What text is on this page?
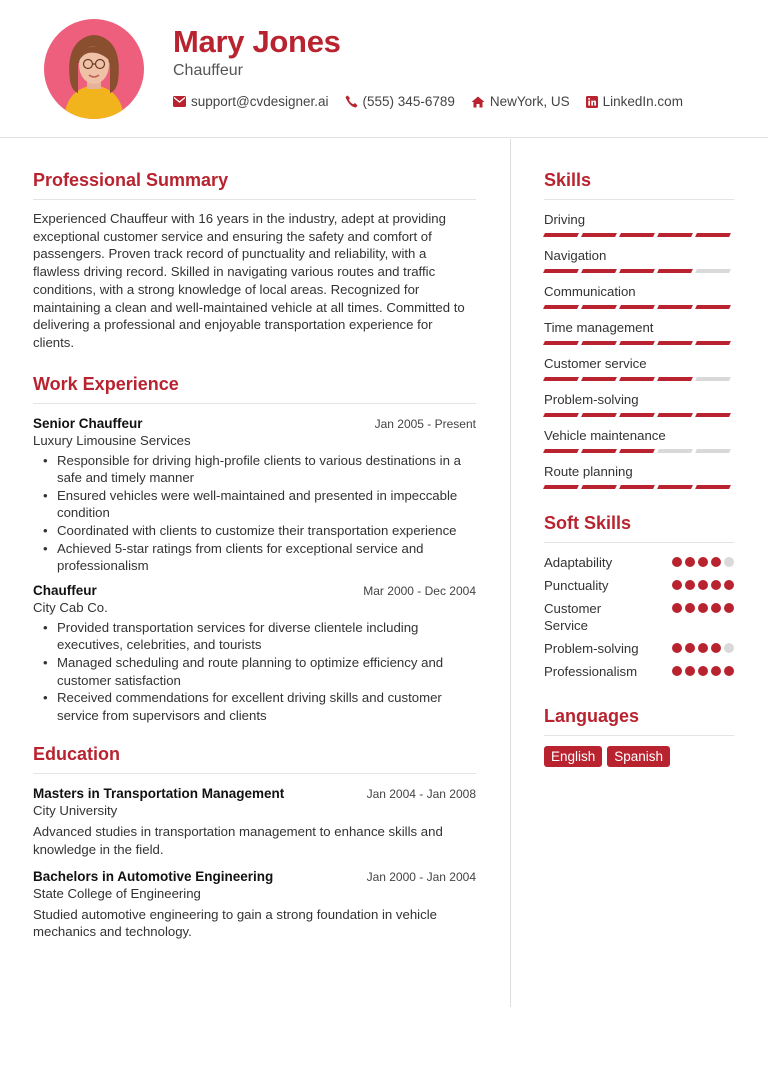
Mary Jones
Chauffeur
support@cvdesigner.ai	(555) 345-6789	NewYork, US LinkedIn.com
Professional Summary

Experienced Chauffeur with 16 years in the industry, adept at providing exceptional customer service and ensuring the safety and comfort of passengers. Proven track record of punctuality and reliability, with a flawless driving record. Skilled in navigating various routes and traffic conditions, with a strong knowledge of local areas. Recognized for maintaining a clean and well-maintained vehicle at all times. Committed to delivering a professional and enjoyable transportation experience for clients.

Work Experience
Senior Chauffeur	Jan 2005 - Present
Luxury Limousine Services
• Responsible for driving high-profile clients to various destinations in a safe and timely manner
• Ensured vehicles were well-maintained and presented in impeccable condition
• Coordinated with clients to customize their transportation experience
• Achieved 5-star ratings from clients for exceptional service and professionalism
Chauffeur	Mar 2000 - Dec 2004
City Cab Co.
• Provided transportation services for diverse clientele including executives, celebrities, and tourists
• Managed scheduling and route planning to optimize efficiency and customer satisfaction
• Received commendations for excellent driving skills and customer service from supervisors and clients
Education
Masters in Transportation Management	Jan 2004 - Jan 2008
City University

Advanced studies in transportation management to enhance skills and knowledge in the field.

Bachelors in Automotive Engineering	Jan 2000 - Jan 2004
State College of Engineering

Studied automotive engineering to gain a strong foundation in vehicle mechanics and technology.

Skills
Driving
Navigation
Communication
Time management
Customer service
Problem-solving
Vehicle maintenance
Route planning
Soft Skills
Adaptability
Punctuality
Customer Service
Problem-solving
Professionalism
Languages
English	Spanish
